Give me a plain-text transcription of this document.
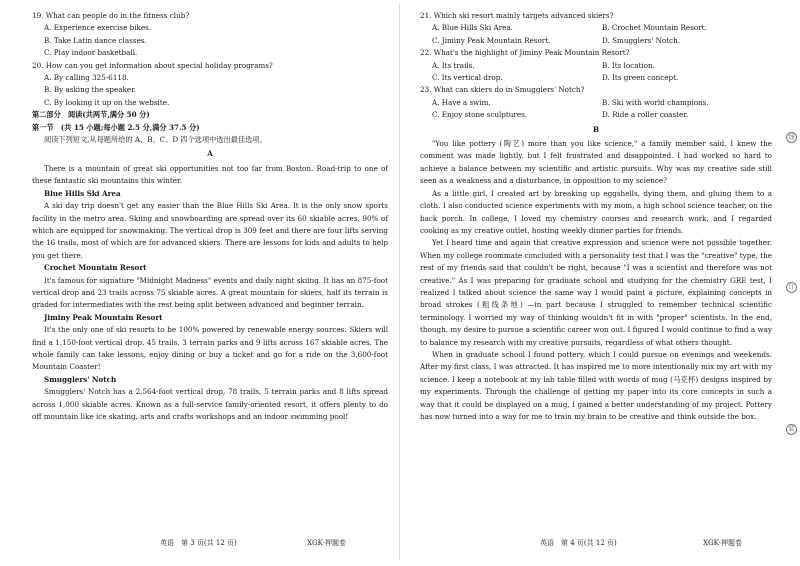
19. What can people do in the fitness club?

A. Experience exercise bikes.

B. Take Latin dance classes.

C. Play indoor basketball.

20. How can you get information about special holiday programs?

A. By calling 325-6118.

B. By asking the speaker.

C. By looking it up on the website.

第二部分　阅读(共两节,满分 50 分)

第一节　(共 15 小题;每小题 2.5 分,满分 37.5 分)

阅读下列短文,从每题所给的 A、B、C、D 四个选项中选出最佳选项。

A

There is a mountain of great ski opportunities not too far from Boston. Road-trip to one of these fantastic ski mountains this winter.

Blue Hills Ski Area

A ski day trip doesn't get any easier than the Blue Hills Ski Area. It is the only snow sports facility in the metro area. Skiing and snowboarding are spread over its 60 skiable acres, 90% of which are equipped for snowmaking. The vertical drop is 309 feet and there are four lifts serving the 16 trails, most of which are for advanced skiers. There are lessons for kids and adults to help you get there.

Crochet Mountain Resort

It's famous for signature "Midnight Madness" events and daily night skiing. It has an 875-foot vertical drop and 23 trails across 75 skiable acres. A great mountain for skiers, half its terrain is graded for intermediates with the rest being split between advanced and beginner terrain.

Jiminy Peak Mountain Resort

It's the only one of ski resorts to be 100% powered by renewable energy sources. Skiers will find a 1,150-foot vertical drop, 45 trails, 3 terrain parks and 9 lifts across 167 skiable acres. The whole family can take lessons, enjoy dining or buy a ticket and go for a ride on the 3,600-foot Mountain Coaster!

Smugglers' Notch

Smugglers' Notch has a 2,564-foot vertical drop, 78 trails, 5 terrain parks and 8 lifts spread across 1,000 skiable acres. Known as a full-service family-oriented resort, it offers plenty to do off mountain like ice skating, arts and crafts workshops and an indoor swimming pool!

21. Which ski resort mainly targets advanced skiers?

A. Blue Hills Ski Area.	B. Crochet Mountain Resort.
C. Jiminy Peak Mountain Resort.	D. Smugglers' Notch.

22. What's the highlight of Jiminy Peak Mountain Resort?

A. Its trails.	B. Its location.
C. Its vertical drop.	D. Its green concept.

23. What can skiers do in Smugglers' Notch?

A. Have a swim.	B. Ski with world champions.
C. Enjoy stone sculptures.	D. Ride a roller coaster.

B

"You like pottery (陶艺) more than you like science," a family member said. I knew the comment was made lightly, but I felt frustrated and disappointed. I had worked so hard to achieve a balance between my scientific and artistic pursuits. Why was my creative side still seen as a weakness and a disturbance, in opposition to my science?

As a little girl, I created art by breaking up eggshells, dying them, and gluing them to a cloth. I also conducted science experiments with my mom, a high school science teacher, on the back porch. In college, I loved my chemistry courses and research work, and I regarded cooking as my creative outlet, hosting weekly dinner parties for friends.

Yet I heard time and again that creative expression and science were not possible together. When my college roommate concluded with a personality test that I was the "creative" type, the rest of my friends said that couldn't be right, because "I was a scientist and therefore was not creative." As I was preparing for graduate school and studying for the chemistry GRE test, I realized I talked about science the same way I would paint a picture, explaining concepts in broad strokes (粗线条地) —in part because I struggled to remember technical scientific terminology. I worried my way of thinking wouldn't fit in with "proper" scientists. In the end, though, my desire to pursue a scientific career won out. I figured I would continue to find a way to balance my research with my creative pursuits, regardless of what others thought.

When in graduate school I found pottery, which I could pursue on evenings and weekends. After my first class, I was attracted. It has inspired me to more intentionally mix my art with my science. I keep a notebook at my lab table filled with words of mug (马克杯) designs inspired by my experiments. Through the challenge of getting my paper into its core concepts in such a way that it could be displayed on a mug, I gained a better understanding of my project. Pottery has now turned into a way for me to train my brain to be creative and think outside the box.

英语　第 3 页(共 12 页)	XGK·押题卷	英语　第 4 页(共 12 页)	XGK·押题卷
线
订
装
